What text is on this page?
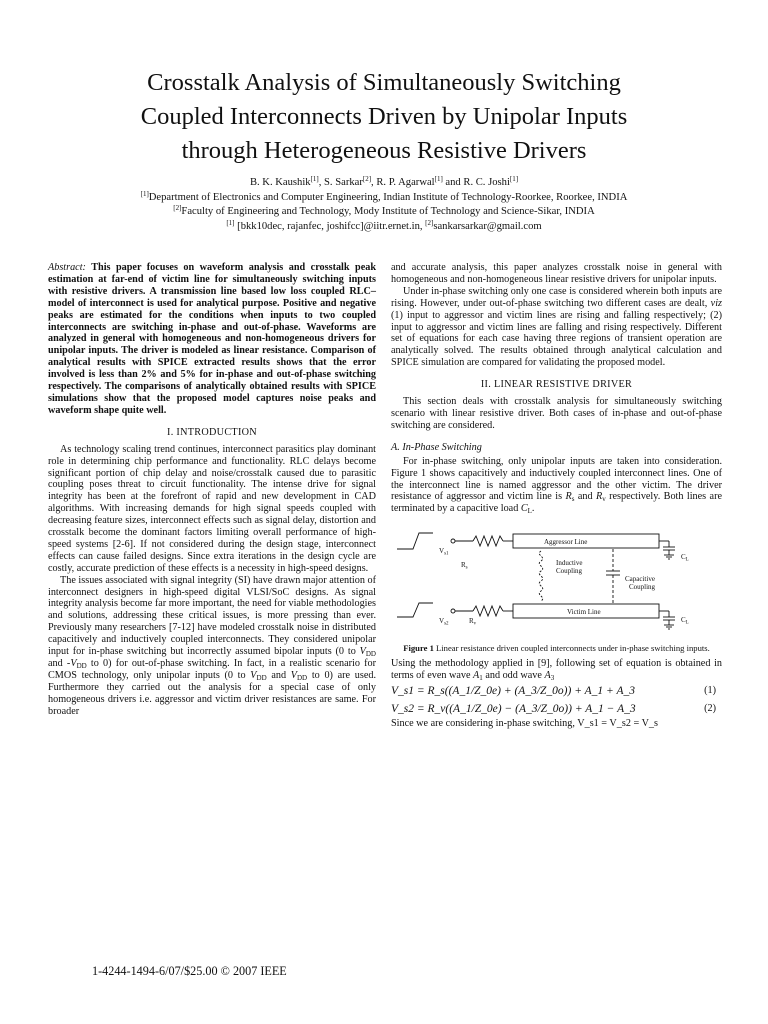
Crosstalk Analysis of Simultaneously Switching
Coupled Interconnects Driven by Unipolar Inputs
through Heterogeneous Resistive Drivers
B. K. Kaushik[1], S. Sarkar[2], R. P. Agarwal[1] and R. C. Joshi[1]
[1]Department of Electronics and Computer Engineering, Indian Institute of Technology-Roorkee, Roorkee, INDIA
[2]Faculty of Engineering and Technology, Mody Institute of Technology and Science-Sikar, INDIA
[1] [bkk10dec, rajanfec, joshifcc]@iitr.ernet.in, [2]sankarsarkar@gmail.com

Abstract: This paper focuses on waveform analysis and crosstalk peak estimation at far-end of victim line for simultaneously switching inputs with resistive drivers. A transmission line based low loss coupled RLC–model of interconnect is used for analytical purpose. Positive and negative peaks are estimated for the conditions when inputs to two coupled interconnects are switching in-phase and out-of-phase. Waveforms are analyzed in general with homogeneous and non-homogeneous drivers for unipolar inputs. The driver is modeled as linear resistance. Comparison of analytical results with SPICE extracted results shows that the error involved is less than 2% and 5% for in-phase and out-of-phase switching respectively. The comparisons of analytically obtained results with SPICE simulations show that the proposed model captures noise peaks and waveform shape quite well.

I. INTRODUCTION

As technology scaling trend continues, interconnect parasitics play dominant role in determining chip performance and functionality. RLC delays become significant portion of chip delay and noise/crosstalk caused due to parasitic coupling poses threat to circuit functionality. The intense drive for signal integrity has been at the forefront of rapid and new development in CAD algorithms. With increasing demands for high signal speeds coupled with decreasing feature sizes, interconnect effects such as signal delay, distortion and crosstalk become the dominant factors limiting overall performance of high-speed systems [2-6]. If not considered during the design stage, interconnect effects can cause failed designs. Since extra iterations in the design cycle are costly, accurate prediction of these effects is a necessity in high-speed designs.

The issues associated with signal integrity (SI) have drawn major attention of interconnect designers in high-speed digital VLSI/SoC designs. As signal integrity analysis become far more important, the need for viable methodologies and solutions, addressing these critical issues, is more pressing than ever. Previously many researchers [7-12] have modeled crosstalk noise in distributed capacitively and inductively coupled interconnects. They considered unipolar input for in-phase switching but incorrectly assumed bipolar inputs (0 to $V_{DD}$ and $-V_{DD}$ to 0) for out-of-phase switching. In fact, in a realistic scenario for CMOS technology, only unipolar inputs (0 to $V_{DD}$ and $V_{DD}$ to 0) are used. Furthermore they carried out the analysis for a special case of only homogeneous drivers i.e. aggressor and victim driver resistances are same. For broader

and accurate analysis, this paper analyzes crosstalk noise in general with homogeneous and non-homogeneous linear resistive drivers for unipolar inputs.

Under in-phase switching only one case is considered wherein both inputs are rising. However, under out-of-phase switching two different cases are dealt, viz (1) input to aggressor and victim lines are rising and falling respectively; (2) input to aggressor and victim lines are falling and rising respectively. Different set of equations for each case having three regions of transient operation are analytically solved. The results obtained through analytical calculation and SPICE simulation are compared for validating the proposed model.

II. LINEAR RESISTIVE DRIVER

This section deals with crosstalk analysis for simultaneously switching scenario with linear resistive driver. Both cases of in-phase and out-of-phase switching are considered.

A. In-Phase Switching

For in-phase switching, only unipolar inputs are taken into consideration. Figure 1 shows capacitively and inductively coupled interconnect lines. One of the interconnect line is named aggressor and the other victim. The driver resistance of aggressor and victim line is $R_s$ and $R_v$ respectively. Both lines are terminated by a capacitive load $C_L$.

Aggressor Line
Victim Line
Inductive
Coupling
Capacitive
Coupling
$V_{s1}$
$R_s$
$V_{s2}$	$R_v$
$C_L$
$C_L$

Figure 1 Linear resistance driven coupled interconnects under in-phase switching inputs.

Using the methodology applied in [9], following set of equation is obtained in terms of even wave $A_1$ and odd wave $A_3$

V_s1 = R_s((A_1/Z_0e) + (A_3/Z_0o)) + A_1 + A_3	(1)
V_s2 = R_v((A_1/Z_0e) − (A_3/Z_0o)) + A_1 − A_3	(2)

Since we are considering in-phase switching, V_s1 = V_s2 = V_s

1-4244-1494-6/07/$25.00 © 2007 IEEE
